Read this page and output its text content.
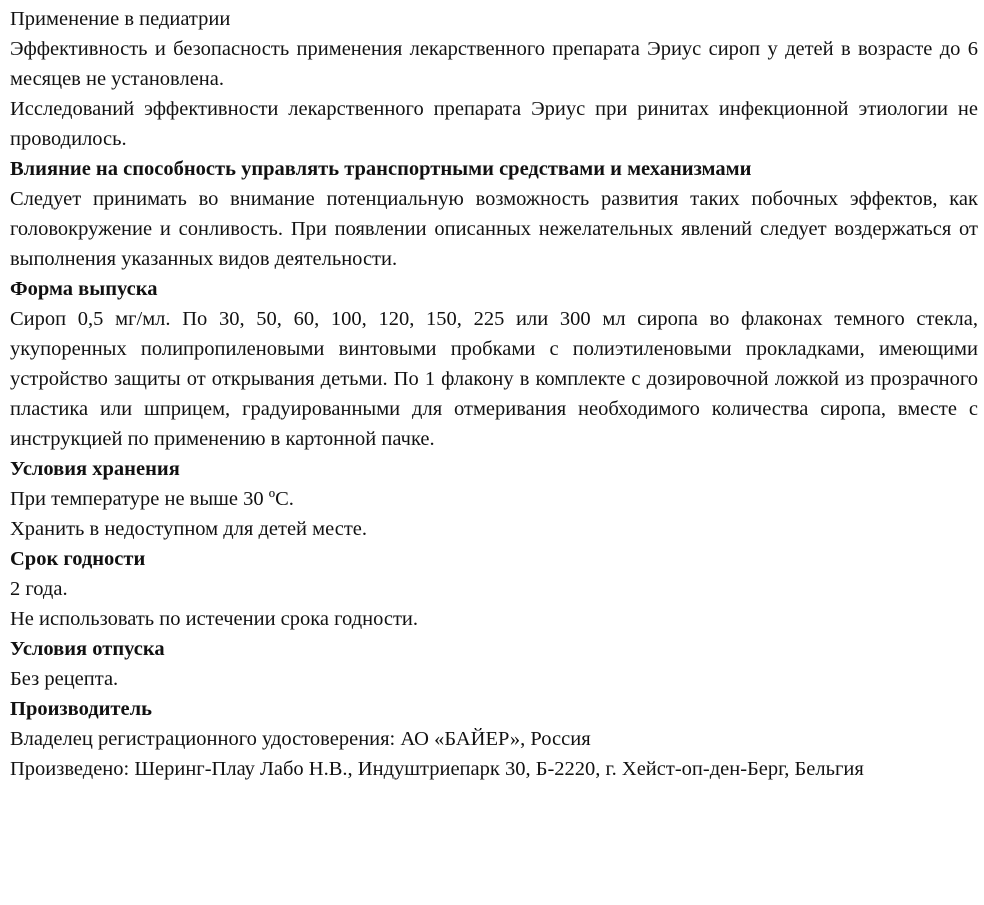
Применение в педиатрии
Эффективность и безопасность применения лекарственного препарата Эриус сироп у детей в возрасте до 6 месяцев не установлена.
Исследований эффективности лекарственного препарата Эриус при ринитах инфекционной этиологии не проводилось.
Влияние на способность управлять транспортными средствами и механизмами
Следует принимать во внимание потенциальную возможность развития таких побочных эффектов, как головокружение и сонливость. При появлении описанных нежелательных явлений следует воздержаться от выполнения указанных видов деятельности.
Форма выпуска
Сироп 0,5 мг/мл. По 30, 50, 60, 100, 120, 150, 225 или 300 мл сиропа во флаконах темного стекла, укупоренных полипропиленовыми винтовыми пробками с полиэтиленовыми прокладками, имеющими устройство защиты от открывания детьми. По 1 флакону в комплекте с дозировочной ложкой из прозрачного пластика или шприцем, градуированными для отмеривания необходимого количества сиропа, вместе с инструкцией по применению в картонной пачке.
Условия хранения
При температуре не выше 30 ºС.
Хранить в недоступном для детей месте.
Срок годности
2 года.
Не использовать по истечении срока годности.
Условия отпуска
Без рецепта.
Производитель
Владелец регистрационного удостоверения: АО «БАЙЕР», Россия
Произведено: Шеринг-Плау Лабо Н.В., Индуштриепарк 30, Б-2220, г. Хейст-оп-ден-Берг, Бельгия
